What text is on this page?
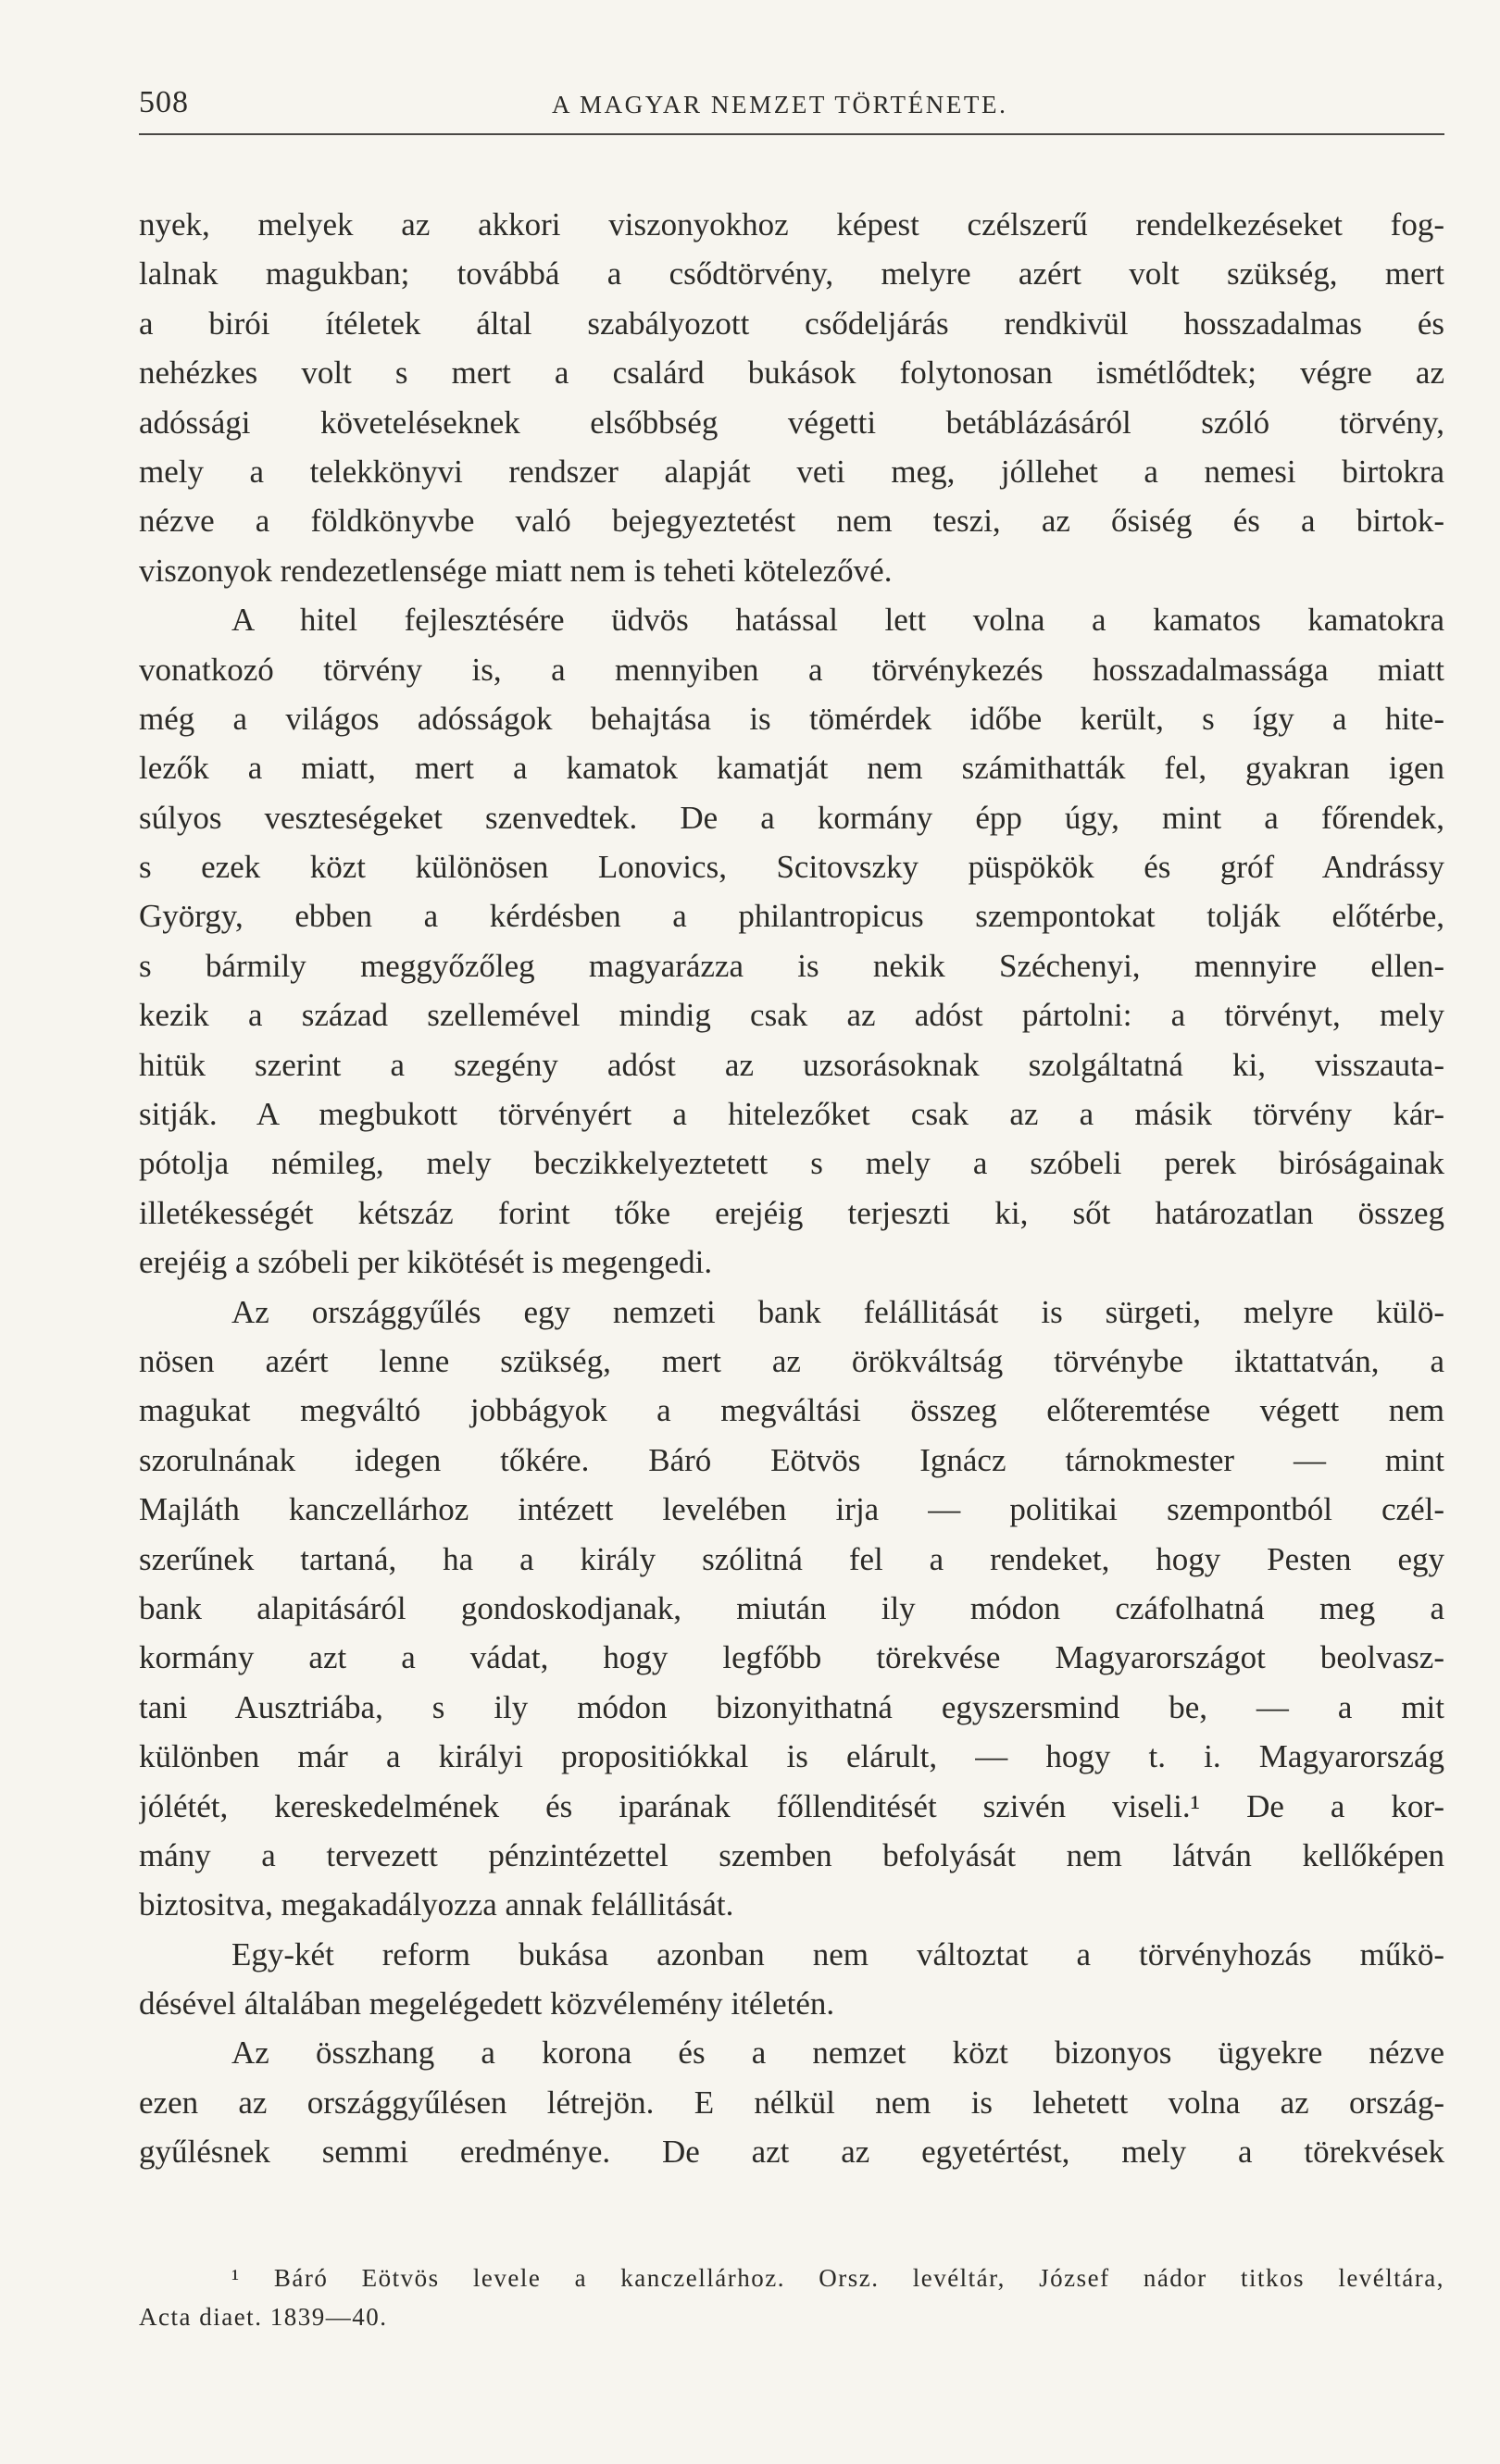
508	A MAGYAR NEMZET TÖRTÉNETE.
nyek, melyek az akkori viszonyokhoz képest czélszerű rendelkezéseket fog-
lalnak magukban; továbbá a csődtörvény, melyre azért volt szükség, mert
a birói ítéletek által szabályozott csődeljárás rendkivül hosszadalmas és
nehézkes volt s mert a csalárd bukások folytonosan ismétlődtek; végre az
adóssági követeléseknek elsőbbség végetti betáblázásáról szóló törvény,
mely a telekkönyvi rendszer alapját veti meg, jóllehet a nemesi birtokra
nézve a földkönyvbe való bejegyeztetést nem teszi, az ősiség és a birtok-
viszonyok rendezetlensége miatt nem is teheti kötelezővé.
A hitel fejlesztésére üdvös hatással lett volna a kamatos kamatokra
vonatkozó törvény is, a mennyiben a törvénykezés hosszadalmassága miatt
még a világos adósságok behajtása is tömérdek időbe került, s így a hite-
lezők a miatt, mert a kamatok kamatját nem számithatták fel, gyakran igen
súlyos veszteségeket szenvedtek. De a kormány épp úgy, mint a főrendek,
s ezek közt különösen Lonovics, Scitovszky püspökök és gróf Andrássy
György, ebben a kérdésben a philantropicus szempontokat tolják előtérbe,
s bármily meggyőzőleg magyarázza is nekik Széchenyi, mennyire ellen-
kezik a század szellemével mindig csak az adóst pártolni: a törvényt, mely
hitük szerint a szegény adóst az uzsorásoknak szolgáltatná ki, visszauta-
sitják. A megbukott törvényért a hitelezőket csak az a másik törvény kár-
pótolja némileg, mely beczikkelyeztetett s mely a szóbeli perek biróságainak
illetékességét kétszáz forint tőke erejéig terjeszti ki, sőt határozatlan összeg
erejéig a szóbeli per kikötését is megengedi.
Az országgyűlés egy nemzeti bank felállitását is sürgeti, melyre külö-
nösen azért lenne szükség, mert az örökváltság törvénybe iktattatván, a
magukat megváltó jobbágyok a megváltási összeg előteremtése végett nem
szorulnának idegen tőkére. Báró Eötvös Ignácz tárnokmester — mint
Majláth kanczellárhoz intézett levelében irja — politikai szempontból czél-
szerűnek tartaná, ha a király szólitná fel a rendeket, hogy Pesten egy
bank alapitásáról gondoskodjanak, miután ily módon czáfolhatná meg a
kormány azt a vádat, hogy legfőbb törekvése Magyarországot beolvasz-
tani Ausztriába, s ily módon bizonyithatná egyszersmind be, — a mit
különben már a királyi propositiókkal is elárult, — hogy t. i. Magyarország
jólétét, kereskedelmének és iparának főllenditését szivén viseli.¹ De a kor-
mány a tervezett pénzintézettel szemben befolyását nem látván kellőképen
biztositva, megakadályozza annak felállitását.
Egy-két reform bukása azonban nem változtat a törvényhozás műkö-
désével általában megelégedett közvélemény itéletén.
Az összhang a korona és a nemzet közt bizonyos ügyekre nézve
ezen az országgyűlésen létrejön. E nélkül nem is lehetett volna az ország-
gyűlésnek semmi eredménye. De azt az egyetértést, mely a törekvések
¹ Báró Eötvös levele a kanczellárhoz. Orsz. levéltár, József nádor titkos levéltára,
Acta diaet. 1839—40.
